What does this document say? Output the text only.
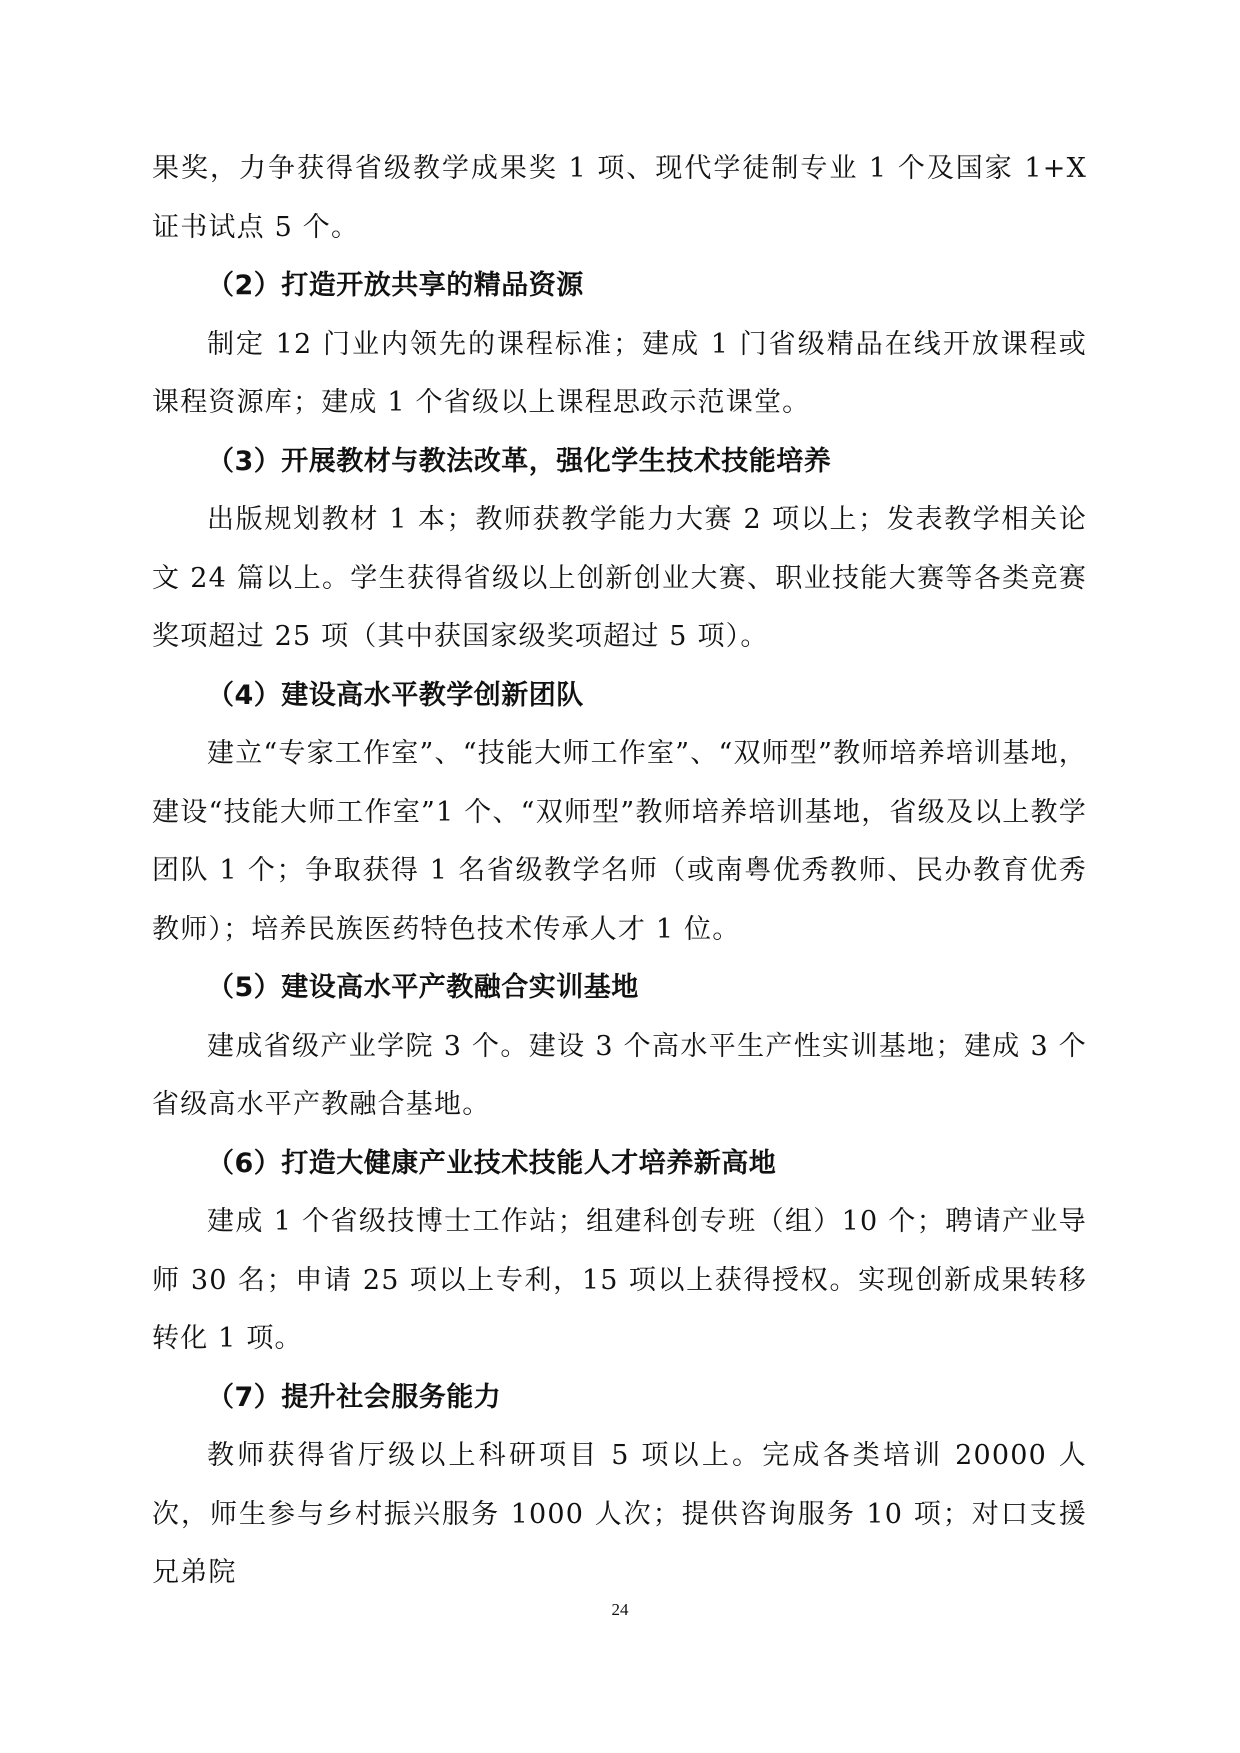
果奖，力争获得省级教学成果奖 1 项、现代学徒制专业 1 个及国家 1+X 证书试点 5 个。

（2）打造开放共享的精品资源

制定 12 门业内领先的课程标准；建成 1 门省级精品在线开放课程或课程资源库；建成 1 个省级以上课程思政示范课堂。

（3）开展教材与教法改革，强化学生技术技能培养

出版规划教材 1 本；教师获教学能力大赛 2 项以上；发表教学相关论文 24 篇以上。学生获得省级以上创新创业大赛、职业技能大赛等各类竞赛奖项超过 25 项（其中获国家级奖项超过 5 项）。

（4）建设高水平教学创新团队

建立“专家工作室”、“技能大师工作室”、“双师型”教师培养培训基地，建设“技能大师工作室”1 个、“双师型”教师培养培训基地，省级及以上教学团队 1 个；争取获得 1 名省级教学名师（或南粤优秀教师、民办教育优秀教师）；培养民族医药特色技术传承人才 1 位。

（5）建设高水平产教融合实训基地

建成省级产业学院 3 个。建设 3 个高水平生产性实训基地；建成 3 个省级高水平产教融合基地。

（6）打造大健康产业技术技能人才培养新高地

建成 1 个省级技博士工作站；组建科创专班（组）10 个；聘请产业导师 30 名；申请 25 项以上专利，15 项以上获得授权。实现创新成果转移转化 1 项。

（7）提升社会服务能力

教师获得省厅级以上科研项目 5 项以上。完成各类培训 20000 人次，师生参与乡村振兴服务 1000 人次；提供咨询服务 10 项；对口支援兄弟院

24
